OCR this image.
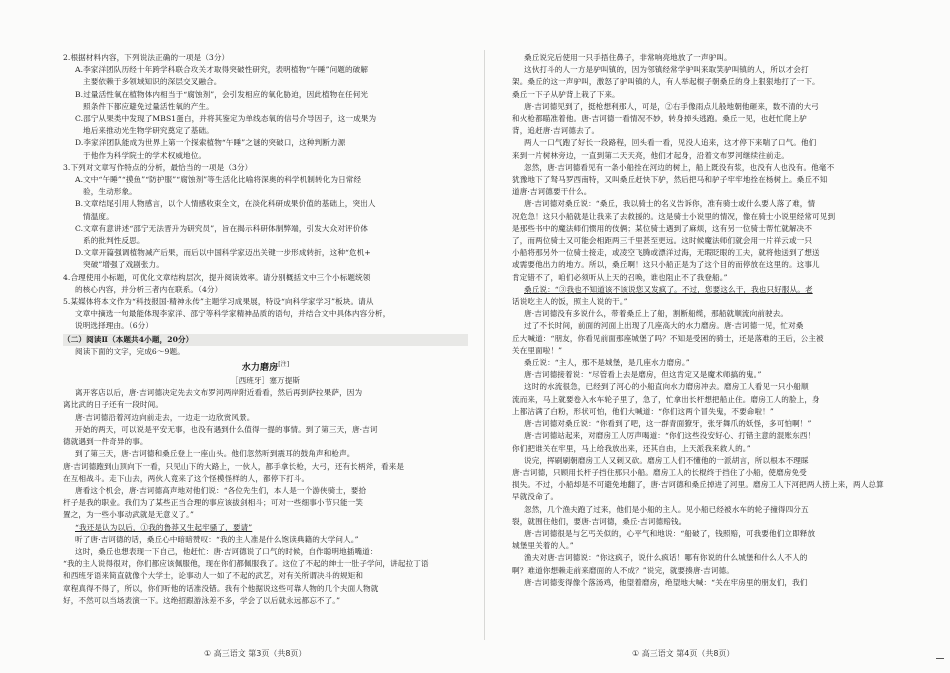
2.根据材料内容，下列说法正确的一项是（3分）

A.李家洋团队历经十年跨学科联合攻关才取得突破性研究，表明植物“午睡”问题的破解

主要依赖于多领域知识的深层交叉融合。

B.过量活性氧在植物体内相当于“腐蚀剂”，会引发相应的氧化胁迫，因此植物在任何光

照条件下都应避免过量活性氧的产生。

C.邵宁从果类中发现了MBS1蛋白，并将其鉴定为单线态氧的信号介导因子，这一成果为

地后来推动光生物学研究奠定了基础。

D.李家洋团队能成为世界上第一个探索植物“午睡”之谜的突破口，这种判断力源

于他作为科学院士的学术权威地位。

3.下列对文章写作特点的分析，最恰当的一项是（3分）

A.文中“午睡”“摸鱼”“防护服”“腐蚀剂”等生活化比喻将深奥的科学机制转化为日常经

验，生动形象。

B.文章结尾引用人物感言，以个人情感收束全文，在淡化科研成果价值的基础上，突出人

情温度。

C.文章有意讲述“邵宁无法晋升为研究员”，旨在揭示科研体制弊端，引发大众对评价体

系的批判性反思。

D.文章开篇强调植物减产后果，而后以中国科学家迈出关键一步形成转折，这种“危机+

突破”增强了戏剧张力。

4.合理使用小标题，可优化文章结构层次，提升阅读效率。请分别概括文中三个小标题统领

的核心内容，并分析三者内在联系。（4分）

5.某媒体将本文作为“科技报国·精神永传”主题学习成果展，特设“向科学家学习”板块。请从

文章中摘选一句最能体现李家洋、邵宁等科学家精神品质的语句，并结合文中具体内容分析，

说明选择理由。（6分）

（二）阅读Ⅱ（本题共4小题，20分）

阅读下面的文字，完成6～9题。

水力磨房[注]

［西班牙］塞万提斯

离开客店以后，唐·吉诃德决定先去文布罗河两岸附近看看，然后再到萨拉果萨，因为

离比武的日子还有一段时间。

唐·吉诃德沿着河边向前走去，一边走一边欣赏风景。

开始的两天，可以说是平安无事，也没有遇到什么值得一提的事情。到了第三天，唐·吉诃

德就遇到一件奇异的事。

到了第三天，唐·吉诃德和桑丘登上一座山头。他们忽然听到震耳的鼓角声和枪声。

唐·吉诃德跑到山顶向下一看，只见山下的大路上，一伙人，都手拿长枪，大弓，还有长柄斧，看来是

在互相战斗。走下山去，两伙人竟来了这个怪模怪样的人，都停下打斗。

唐看这个机会，唐·吉诃德高声地对他们说：“各位先生们，本人是一个游侠骑士，要拾

杆子是我的职业。我们为了某些正当合理的事应该拔剑相斗；可对一些细事小节只能一笑

置之，为一些小事动武就是无意义了。”

“我还是认为以后，①我的鲁莽又生起牢骚了，要请”

听了唐·吉诃德的话，桑丘心中暗暗赞叹：“我的主人准是什么饱读典籍的大学问人。”

这时，桑丘也想表现一下自己，他赶忙：唐·吉诃德说了口气的时候，自作聪明地插嘴道：

“我的主人说得很对，你们都应该佩服他，现在你们都佩服我了。这位了不起的绅士一肚子学问，讲起拉丁语

和西班牙语来简直就像个大学士，论事动人一如了不起的武艺，对有关所谓决斗的规矩和

章程真得不得了，所以，你们听他的话准没错。我有个他据说这些可靠人物的几个夫面人物就

好，不然可以当场表演一下。这绝招跟游泳差不多，学会了以后就永远都忘不了。”

桑丘说完后使用一只手捂住鼻子，非常响亮地放了一声驴叫。

这伙打斗的人一方是驴叫镇的，因为邻镇经常学驴叫来取笑驴叫镇的人，所以才会打

架。桑丘的这一声驴叫，激怒了驴叫镇的人，有人举起棍子朝桑丘的身上狠狠地打了一下。

桑丘一下子从驴背上栽了下来。

唐·吉诃德见到了，挺枪想利那人，可是，②右手像雨点儿般地朝他砸来，数不清的大弓

和火枪都瞄准着他。唐·吉诃德一看情况不妙，转身掉头逃跑。桑丘一见，也赶忙爬上驴

背，追赶唐·吉诃德去了。

两人一口气跑了好长一段路程，回头看一看，见没人追来，这才停下来喘了口气。他们

来到一片树林旁边，一直到第二天天亮，他们才起身，沿着文布罗河继续往前走。

忽然，唐·吉诃德看见有一条小船拴在河边的树上，船上既没有浆，也没有人也没有。他毫不

犹豫地下了驽马罗西南特，又叫桑丘赶快下驴，然后把马和驴子牢牢地拴在杨树上。桑丘不知

道唐·吉诃德要干什么。

唐·吉诃德对桑丘说：“桑丘，我以骑士的名义告诉你，准有骑士或什么要人落了难，情

况危急！这只小船就是让我来了去救援的。这是骑士小说里的情况，像在骑士小说里经常可见到

是那些书中的魔法师们惯用的伎俩；某位骑士遇到了麻烦，这有另一位骑士帮忙就解决不

了，而两位骑士又可能会相距两三千里甚至更远。这时候魔法师们就会用一片祥云或一只

小船将那另外一位骑士接走，或凌空飞腾或漂洋过海，无瑕眨眼的工夫，就将他送到了想送

或需要他出力的地方。所以，桑丘啊！这只小船正是为了这个目的而停放在这里的。这事儿

肯定错不了，咱们必须听从上天的召唤，谁也阻止不了我登船。”

桑丘说：“③我也不知道该不该说您又发疯了。不过，您要这么干，我也只好服从。老

话说吃主人的饭，照主人说的干。”

唐·吉诃德没有多说什么，带着桑丘上了船，割断船缆，那船就顺流向前驶去。

过了不长时间，前面的河面上出现了几座高大的水力磨房。唐·吉诃德一见，忙对桑

丘大喊道：“朋友，你看见前面那座城堡了吗？不知是受困的骑士，还是落难的王后，公主被

关在里面啦！”

桑丘说：“主人，那不是城堡，是几座水力磨房。”

唐·吉诃德接着说：“尽管看上去是磨房，但这肯定又是魔术师搞的鬼。”

这时的水流很急，已经到了河心的小船直向水力磨房冲去。磨房工人看见一只小船顺

流而来，马上就要卷入水车轮子里了，急了，忙拿出长杆想把船止住。磨房工人的脸上，身

上都沾满了白粉，形状可怕，他们大喊道：“你们这两个冒失鬼，不要命啦！”

唐·吉诃德对桑丘说：“你看到了吧，这一群青面獠牙，张牙舞爪的妖怪，多可怕啊！”

唐·吉诃德站起来，对磨房工人厉声喝道：“你们这些没安好心、打错主意的混账东西！

你们把谁关在牢里，马上给我放出来，还其自由，上天派我来救人的。”

说完，挥刷刷朝磨房工人又刺又砍。磨房工人们不懂他的一派胡言，所以根本不理睬

唐·吉诃德，只顾用长杆子挡住那只小船。磨房工人的长棍终于挡住了小船，使磨房免受

损失。不过，小船却是不可避免地翻了，唐·吉诃德和桑丘掉进了河里。磨房工人下河把两人捞上来，两人总算

早就没命了。

忽然，几个渔夫跑了过来，他们是小船的主人。见小船已经被水车的轮子撞得四分五

裂，就围住他们，要唐·吉诃德，桑丘·吉诃德赔钱。

唐·吉诃德很是与乞丐关似的，心平气和地说：“船破了，钱照赔，可我要他们立即释放

城堡里关着的人。”

渔夫对唐·吉诃德说：“你这疯子，说什么疯话！哪有你说的什么城堡和什么人不人的

啊？难道你想赖走前来磨面的人不成？”说完，就要揍唐·吉诃德。

唐·吉诃德变得像个落汤鸡，他望着磨房，绝望地大喊：“关在牢房里的朋友们，我们

① 高三语文 第3页（共8页）	① 高三语文 第4页（共8页）
